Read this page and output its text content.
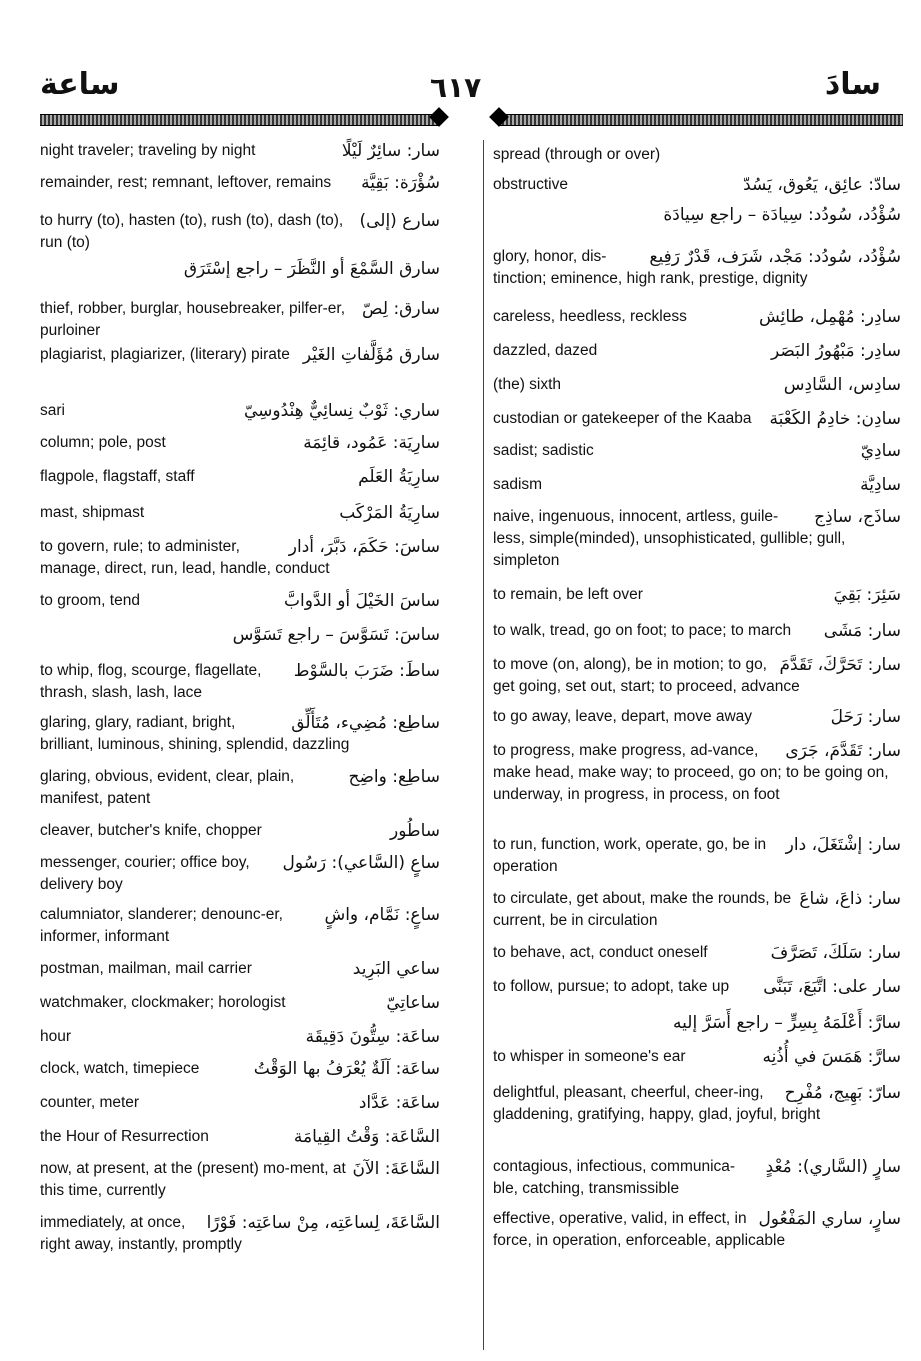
ساعة	٦١٧	سادَ
سار: سائِرٌ لَيْلًا
night traveler; traveling by night
سُؤْرَة: بَقِيَّة
remainder, rest; remnant, leftover, remains
سارع (إلى)
to hurry (to), hasten (to), rush (to), dash (to), run (to)
سارق السَّمْعَ أو النَّظَرَ – راجع إسْتَرَق
سارق: لِصّ
thief, robber, burglar, housebreaker, pilfer-er, purloiner
سارق مُؤَلَّفاتِ الغَيْر
plagiarist, plagiarizer, (literary) pirate
ساري: ثَوْبٌ نِسائِيٌّ هِنْدُوسِيّ
sari
سارِيَة: عَمُود، قائِمَة
column; pole, post
سارِيَةُ العَلَم
flagpole, flagstaff, staff
سارِيَةُ المَرْكَب
mast, shipmast
ساسَ: حَكَمَ، دَبَّرَ، أدار
to govern, rule; to administer, manage, direct, run, lead, handle, conduct
ساسَ الخَيْلَ أو الدَّوابَّ
to groom, tend
ساسَ: تَسَوَّسَ – راجع تَسَوَّس
ساطَ: ضَرَبَ بالسَّوْط
to whip, flog, scourge, flagellate, thrash, slash, lash, lace
ساطِع: مُضِيء، مُتَأَلِّق
glaring, glary, radiant, bright, brilliant, luminous, shining, splendid, dazzling
ساطِع: واضِح
glaring, obvious, evident, clear, plain, manifest, patent
ساطُور
cleaver, butcher's knife, chopper
ساعٍ (السَّاعي): رَسُول
messenger, courier; office boy, delivery boy
ساعٍ: نَمَّام، واشٍ
calumniator, slanderer; denounc-er, informer, informant
ساعي البَرِيد
postman, mailman, mail carrier
ساعاتِيّ
watchmaker, clockmaker; horologist
ساعَة: سِتُّونَ دَقِيقَة
hour
ساعَة: آلَةٌ يُعْرَفُ بها الوَقْتُ
clock, watch, timepiece
ساعَة: عَدَّاد
counter, meter
السَّاعَة: وَقْتُ القِيامَة
the Hour of Resurrection
السَّاعَةَ: الآنَ
now, at present, at the (present) mo-ment, at this time, currently
السَّاعَةَ، لِساعَتِه، مِنْ ساعَتِه: فَوْرًا
immediately, at once, right away, instantly, promptly
spread (through or over)
سادّ: عائِق، يَعُوق، يَسُدّ
obstructive
سُؤْدُد، سُودُد: سِيادَة – راجع سِيادَة
سُؤْدُد، سُودُد: مَجْد، شَرَف، قَدْرٌ رَفِيع
glory, honor, dis-tinction; eminence, high rank, prestige, dignity
سادِر: مُهْمِل، طائِش
careless, heedless, reckless
سادِر: مَبْهُورُ البَصَر
dazzled, dazed
سادِس، السَّادِس
(the) sixth
سادِن: خادِمُ الكَعْبَة
custodian or gatekeeper of the Kaaba
سادِيّ
sadist; sadistic
سادِيَّة
sadism
ساذَج، ساذِج
naive, ingenuous, innocent, artless, guile-less, simple(minded), unsophisticated, gullible; gull, simpleton
سَئِرَ: بَقِيَ
to remain, be left over
سار: مَشَى
to walk, tread, go on foot; to pace; to march
سار: تَحَرَّكَ، تَقَدَّمَ
to move (on, along), be in motion; to go, get going, set out, start; to proceed, advance
سار: رَحَلَ
to go away, leave, depart, move away
سار: تَقَدَّمَ، جَرَى
to progress, make progress, ad-vance, make head, make way; to proceed, go on; to be going on, underway, in progress, in process, on foot
سار: إشْتَغَلَ، دار
to run, function, work, operate, go, be in operation
سار: ذاعَ، شاعَ
to circulate, get about, make the rounds, be current, be in circulation
سار: سَلَكَ، تَصَرَّفَ
to behave, act, conduct oneself
سار على: اتَّبَعَ، تَبَنَّى
to follow, pursue; to adopt, take up
سارَّ: أَعْلَمَهُ بِسِرٍّ – راجع أَسَرَّ إليه
سارَّ: هَمَسَ في أُذُنِه
to whisper in someone's ear
سارّ: بَهِيج، مُفْرِح
delightful, pleasant, cheerful, cheer-ing, gladdening, gratifying, happy, glad, joyful, bright
سارٍ (السَّاري): مُعْدٍ
contagious, infectious, communica-ble, catching, transmissible
سارٍ، ساري المَفْعُول
effective, operative, valid, in effect, in force, in operation, enforceable, applicable
